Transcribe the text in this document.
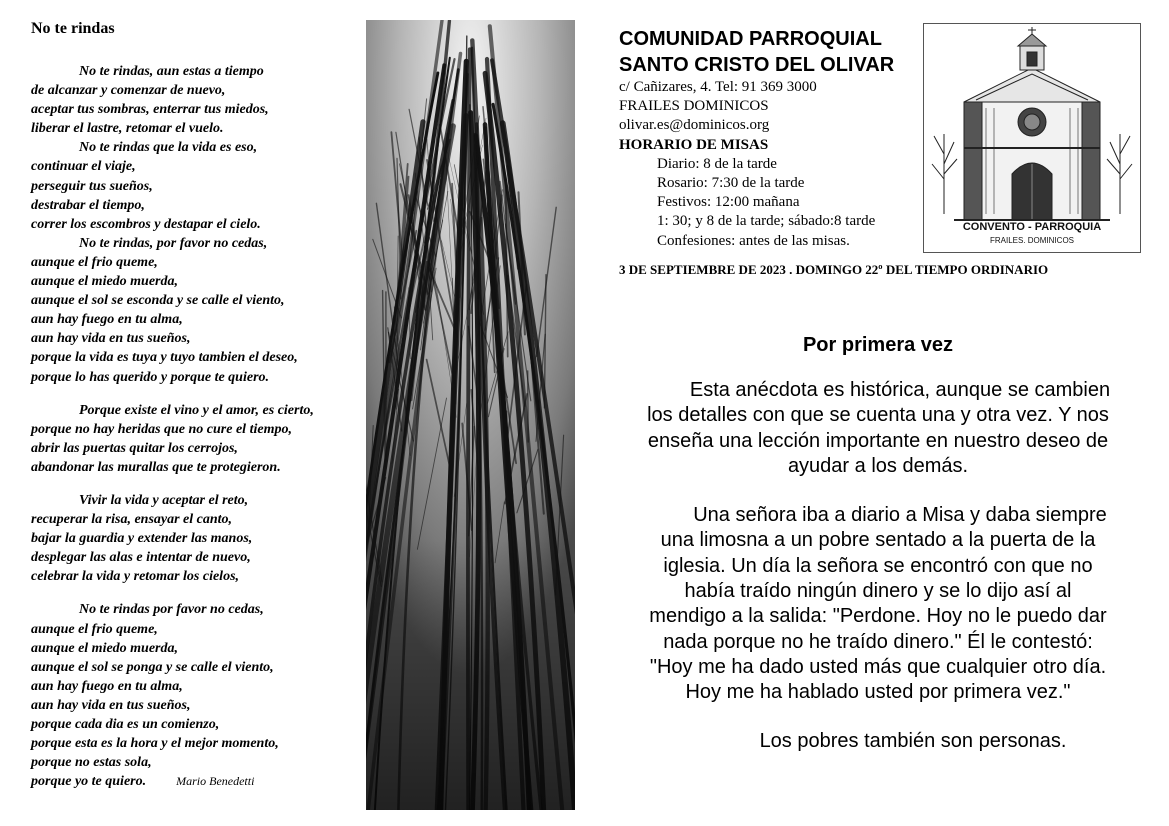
No te rindas
No te rindas, aun estas a tiempo
de alcanzar y comenzar de nuevo,
aceptar tus sombras, enterrar tus miedos,
liberar el lastre, retomar el vuelo.
No te rindas que la vida es eso,
continuar el viaje,
perseguir tus sueños,
destrabar el tiempo,
correr los escombros y destapar el cielo.
No te rindas, por favor no cedas,
aunque el frio queme,
aunque el miedo muerda,
aunque el sol se esconda y se calle el viento,
aun hay fuego en tu alma,
aun hay vida en tus sueños,
porque la vida es tuya y tuyo tambien el deseo,
porque lo has querido y porque te quiero.
Porque existe el vino y el amor, es cierto,
porque no hay heridas que no cure el tiempo,
abrir las puertas quitar los cerrojos,
abandonar las murallas que te protegieron.
Vivir la vida y aceptar el reto,
recuperar la risa, ensayar el canto,
bajar la guardia y extender las manos,
desplegar las alas e intentar de nuevo,
celebrar la vida y retomar los cielos,
No te rindas por favor no cedas,
aunque el frio queme,
aunque el miedo muerda,
aunque el sol se ponga y se calle el viento,
aun hay fuego en tu alma,
aun hay vida en tus sueños,
porque cada dia es un comienzo,
porque esta es la hora y el mejor momento,
porque no estas sola,
porque yo te quiero.	Mario Benedetti
COMUNIDAD PARROQUIAL
SANTO CRISTO DEL OLIVAR
c/ Cañizares, 4. Tel: 91 369 3000
FRAILES DOMINICOS
olivar.es@dominicos.org
HORARIO DE MISAS
Diario: 8 de la tarde
Rosario: 7:30 de la tarde
Festivos: 12:00 mañana
1: 30; y 8 de la tarde; sábado:8 tarde
Confesiones: antes de las misas.
CONVENTO - PARROQUIA
FRAILES. DOMINICOS
3 DE SEPTIEMBRE DE 2023 . DOMINGO 22º DEL TIEMPO ORDINARIO
Por primera vez
Esta anécdota es histórica, aunque se cambien
los detalles con que se cuenta una y otra vez. Y nos
enseña una lección importante en nuestro deseo de
ayudar a los demás.
Una señora iba a diario a Misa y daba siempre
una limosna a un pobre sentado a la puerta de la
iglesia. Un día la señora se encontró con que no
había traído ningún dinero y se lo dijo así al
mendigo a la salida: "Perdone. Hoy no le puedo dar
nada porque no he traído dinero." Él le contestó:
"Hoy me ha dado usted más que cualquier otro día.
Hoy me ha hablado usted por primera vez."
Los pobres también son personas.
